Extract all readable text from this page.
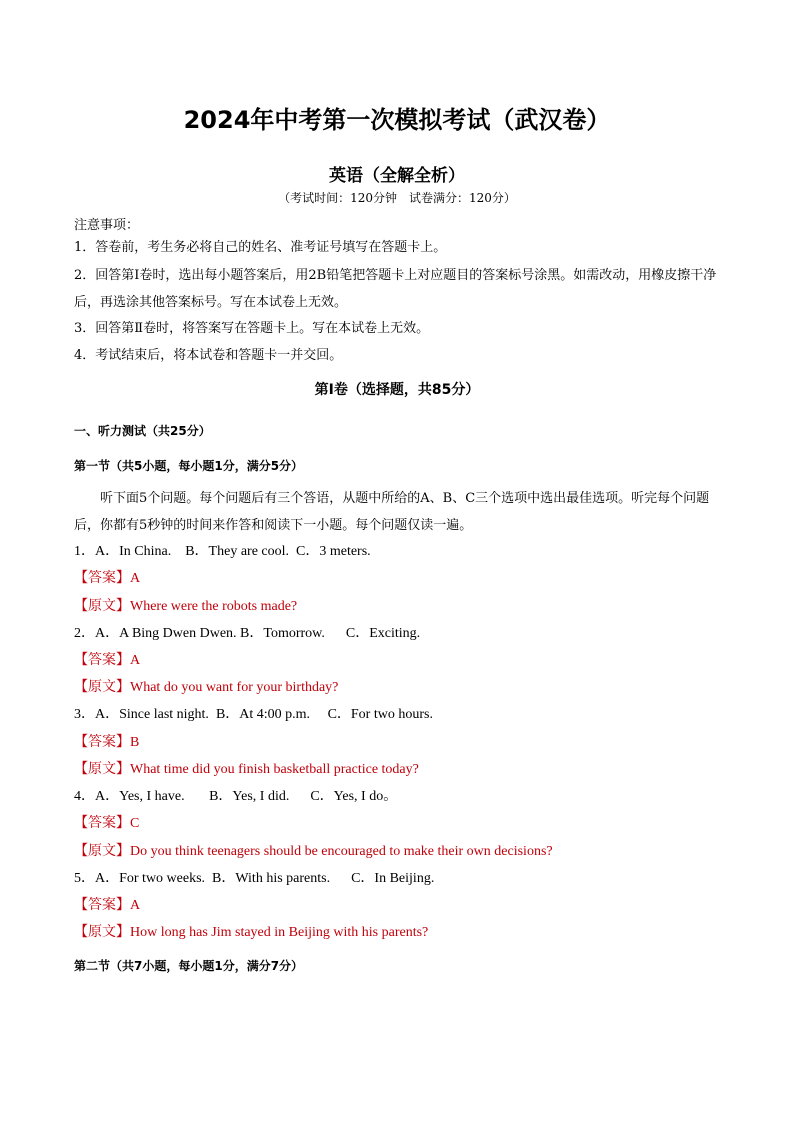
2024年中考第一次模拟考试（武汉卷）
英语（全解全析）
（考试时间：120分钟　试卷满分：120分）
注意事项：
1．答卷前，考生务必将自己的姓名、准考证号填写在答题卡上。
2．回答第Ⅰ卷时，选出每小题答案后，用2B铅笔把答题卡上对应题目的答案标号涂黑。如需改动，用橡皮擦干净后，再选涂其他答案标号。写在本试卷上无效。
3．回答第Ⅱ卷时，将答案写在答题卡上。写在本试卷上无效。
4．考试结束后，将本试卷和答题卡一并交回。
第Ⅰ卷（选择题，共85分）
一、听力测试（共25分）
第一节（共5小题，每小题1分，满分5分）
听下面5个问题。每个问题后有三个答语，从题中所给的A、B、C三个选项中选出最佳选项。听完每个问题后，你都有5秒钟的时间来作答和阅读下一小题。每个问题仅读一遍。
1．A．In China. B．They are cool. C．3 meters.
【答案】A
【原文】Where were the robots made?
2．A．A Bing Dwen Dwen. B．Tomorrow. C．Exciting.
【答案】A
【原文】What do you want for your birthday?
3．A．Since last night. B．At 4:00 p.m. C．For two hours.
【答案】B
【原文】What time did you finish basketball practice today?
4．A．Yes, I have. B．Yes, I did. C．Yes, I do。
【答案】C
【原文】Do you think teenagers should be encouraged to make their own decisions?
5．A．For two weeks. B．With his parents. C．In Beijing.
【答案】A
【原文】How long has Jim stayed in Beijing with his parents?
第二节（共7小题，每小题1分，满分7分）
